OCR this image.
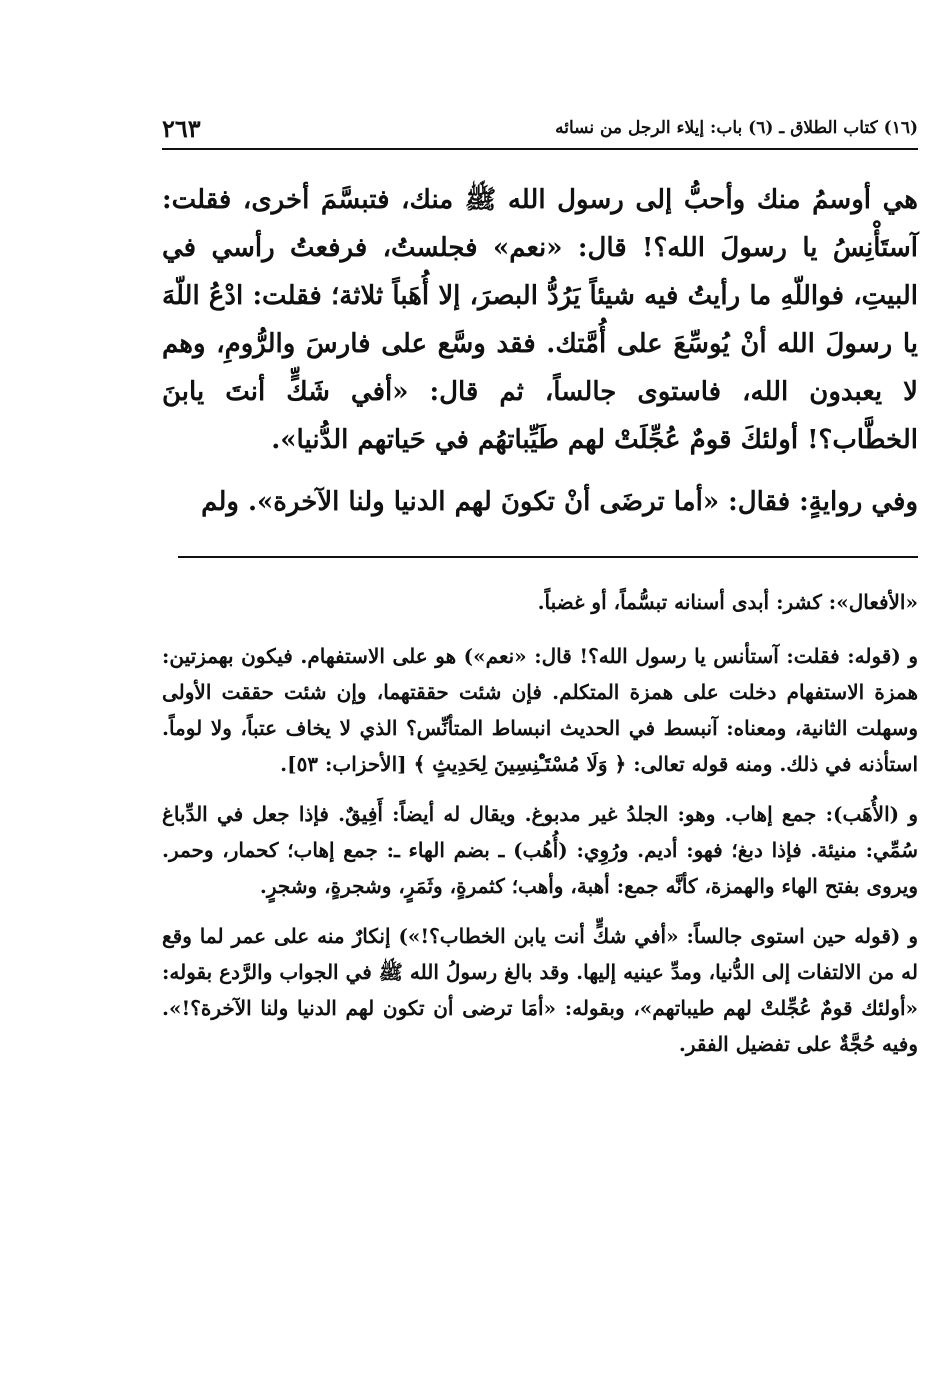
(١٦) كتاب الطلاق ـ (٦) باب: إيلاء الرجل من نسائه
٢٦٣

هي أوسمُ منك وأحبُّ إلى رسول الله ﷺ منك، فتبسَّمَ أخرى، فقلت: آستَأْنِسُ يا رسولَ الله؟! قال: «نعم» فجلستُ، فرفعتُ رأسي في البيتِ، فواللّهِ ما رأيتُ فيه شيئاً يَرُدُّ البصرَ، إلا أُهَباً ثلاثة؛ فقلت: ادْعُ اللّهَ يا رسولَ الله أنْ يُوسِّعَ على أُمَّتك. فقد وسَّع على فارسَ والرُّومِ، وهم لا يعبدون الله، فاستوى جالساً، ثم قال: «أفي شَكٍّ أنتَ يابنَ الخطَّاب؟! أولئكَ قومٌ عُجِّلَتْ لهم طَيِّباتهُم في حَياتهم الدُّنيا».

وفي روايةٍ: فقال: «أما ترضَى أنْ تكونَ لهم الدنيا ولنا الآخرة». ولم

«الأفعال»: كشر: أبدى أسنانه تبسُّماً، أو غضباً.

و (قوله: فقلت: آستأنس يا رسول الله؟! قال: «نعم») هو على الاستفهام. فيكون بهمزتين: همزة الاستفهام دخلت على همزة المتكلم. فإن شئت حققتهما، وإن شئت حققت الأولى وسهلت الثانية، ومعناه: آنبسط في الحديث انبساط المتأنِّس؟ الذي لا يخاف عتباً، ولا لوماً. استأذنه في ذلك. ومنه قوله تعالى: ﴿ وَلَا مُسْتَـْٔنِسِينَ لِحَدِيثٍ ﴾ [الأحزاب: ٥٣].

و (الأُهَب): جمع إهاب. وهو: الجلدُ غير مدبوغ. ويقال له أيضاً: أَفِيقٌ. فإذا جعل في الدِّباغ سُمِّي: منيئة. فإذا دبغ؛ فهو: أديم. ورُوِي: (أُهُب) ـ بضم الهاء ـ: جمع إهاب؛ كحمار، وحمر. ويروى بفتح الهاء والهمزة، كأنَّه جمع: أهبة، وأهب؛ كثمرةٍ، وثَمَرٍ، وشجرةٍ، وشجرٍ.

و (قوله حين استوى جالساً: «أفي شكٍّ أنت يابن الخطاب؟!») إنكارٌ منه على عمر لما وقع له من الالتفات إلى الدُّنيا، ومدِّ عينيه إليها. وقد بالغ رسولُ الله ﷺ في الجواب والرَّدع بقوله: «أولئك قومٌ عُجِّلتْ لهم طيباتهم»، وبقوله: «أمَا ترضى أن تكون لهم الدنيا ولنا الآخرة؟!». وفيه حُجَّةٌ على تفضيل الفقر.
